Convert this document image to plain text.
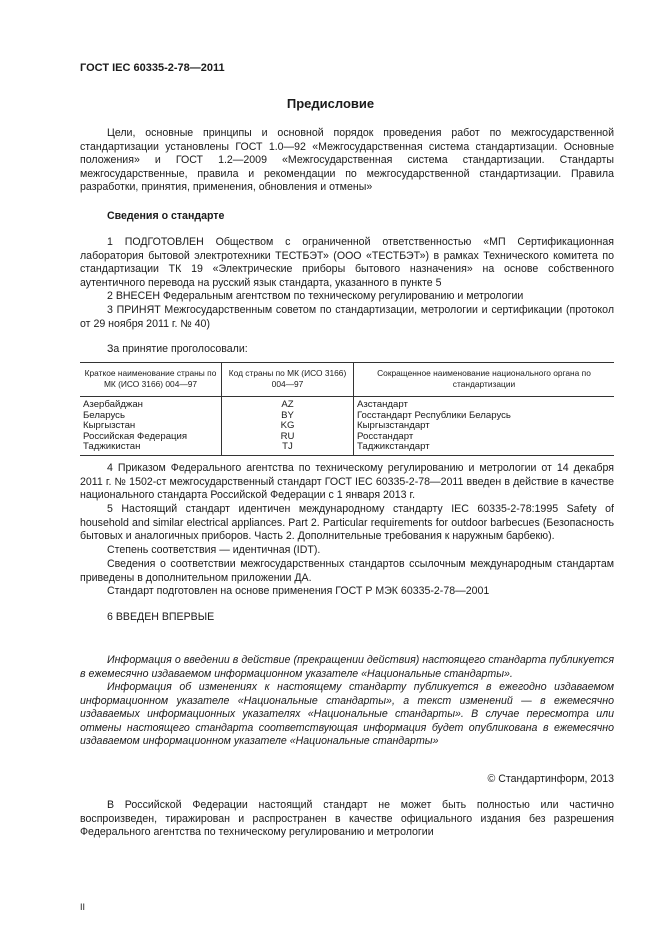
ГОСТ IEC 60335-2-78—2011
Предисловие
Цели, основные принципы и основной порядок проведения работ по межгосударственной стандартизации установлены ГОСТ 1.0—92 «Межгосударственная система стандартизации. Основные положения» и ГОСТ 1.2—2009 «Межгосударственная система стандартизации. Стандарты межгосударственные, правила и рекомендации по межгосударственной стандартизации. Правила разработки, принятия, применения, обновления и отмены»
Сведения о стандарте
1 ПОДГОТОВЛЕН Обществом с ограниченной ответственностью «МП Сертификационная лаборатория бытовой электротехники ТЕСТБЭТ» (ООО «ТЕСТБЭТ») в рамках Технического комитета по стандартизации ТК 19 «Электрические приборы бытового назначения» на основе собственного аутентичного перевода на русский язык стандарта, указанного в пункте 5
2 ВНЕСЕН Федеральным агентством по техническому регулированию и метрологии
3 ПРИНЯТ Межгосударственным советом по стандартизации, метрологии и сертификации (протокол от 29 ноября 2011 г. № 40)
За принятие проголосовали:
Краткое наименование страны по МК (ИСО 3166) 004—97	Код страны по МК (ИСО 3166) 004—97	Сокращенное наименование национального органа по стандартизации
Азербайджан	AZ	Азстандарт
Беларусь	BY	Госстандарт Республики Беларусь
Кыргызстан	KG	Кыргызстандарт
Российская Федерация	RU	Росстандарт
Таджикистан	TJ	Таджикстандарт
4 Приказом Федерального агентства по техническому регулированию и метрологии от 14 декабря 2011 г. № 1502-ст межгосударственный стандарт ГОСТ IEC 60335-2-78—2011 введен в действие в качестве национального стандарта Российской Федерации с 1 января 2013 г.
5 Настоящий стандарт идентичен международному стандарту IEC 60335-2-78:1995 Safety of household and similar electrical appliances. Part 2. Particular requirements for outdoor barbecues (Безопасность бытовых и аналогичных приборов. Часть 2. Дополнительные требования к наружным барбекю).
Степень соответствия — идентичная (IDT).
Сведения о соответствии межгосударственных стандартов ссылочным международным стандартам приведены в дополнительном приложении ДА.
Стандарт подготовлен на основе применения ГОСТ Р МЭК 60335-2-78—2001
6 ВВЕДЕН ВПЕРВЫЕ
Информация о введении в действие (прекращении действия) настоящего стандарта публикуется в ежемесячно издаваемом информационном указателе «Национальные стандарты».
Информация об изменениях к настоящему стандарту публикуется в ежегодно издаваемом информационном указателе «Национальные стандарты», а текст изменений — в ежемесячно издаваемых информационных указателях «Национальные стандарты». В случае пересмотра или отмены настоящего стандарта соответствующая информация будет опубликована в ежемесячно издаваемом информационном указателе «Национальные стандарты»
© Стандартинформ, 2013
В Российской Федерации настоящий стандарт не может быть полностью или частично воспроизведен, тиражирован и распространен в качестве официального издания без разрешения Федерального агентства по техническому регулированию и метрологии
II
